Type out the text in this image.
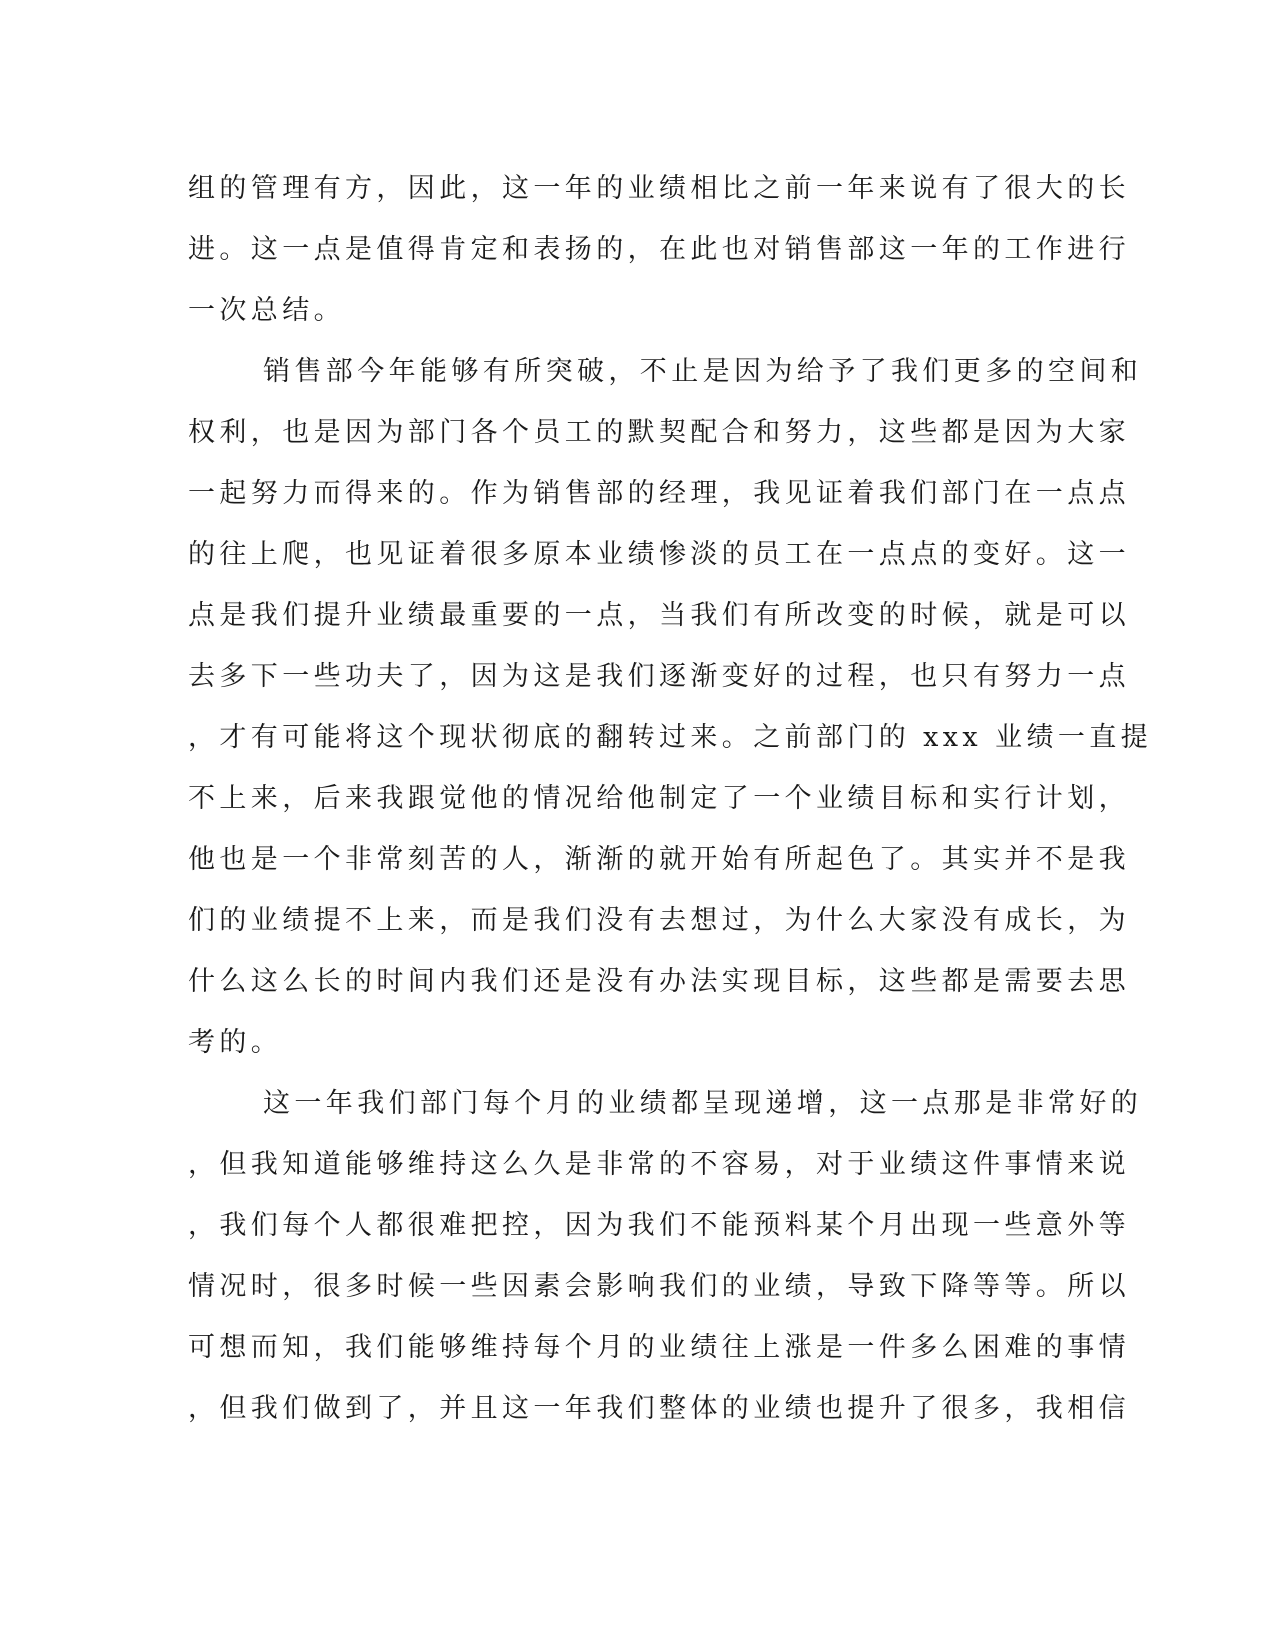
组的管理有方，因此，这一年的业绩相比之前一年来说有了很大的长
进。这一点是值得肯定和表扬的，在此也对销售部这一年的工作进行
一次总结。
销售部今年能够有所突破，不止是因为给予了我们更多的空间和
权利，也是因为部门各个员工的默契配合和努力，这些都是因为大家
一起努力而得来的。作为销售部的经理，我见证着我们部门在一点点
的往上爬，也见证着很多原本业绩惨淡的员工在一点点的变好。这一
点是我们提升业绩最重要的一点，当我们有所改变的时候，就是可以
去多下一些功夫了，因为这是我们逐渐变好的过程，也只有努力一点
，才有可能将这个现状彻底的翻转过来。之前部门的 xxx 业绩一直提
不上来，后来我跟觉他的情况给他制定了一个业绩目标和实行计划，
他也是一个非常刻苦的人，渐渐的就开始有所起色了。其实并不是我
们的业绩提不上来，而是我们没有去想过，为什么大家没有成长，为
什么这么长的时间内我们还是没有办法实现目标，这些都是需要去思
考的。
这一年我们部门每个月的业绩都呈现递增，这一点那是非常好的
，但我知道能够维持这么久是非常的不容易，对于业绩这件事情来说
，我们每个人都很难把控，因为我们不能预料某个月出现一些意外等
情况时，很多时候一些因素会影响我们的业绩，导致下降等等。所以
可想而知，我们能够维持每个月的业绩往上涨是一件多么困难的事情
，但我们做到了，并且这一年我们整体的业绩也提升了很多，我相信
